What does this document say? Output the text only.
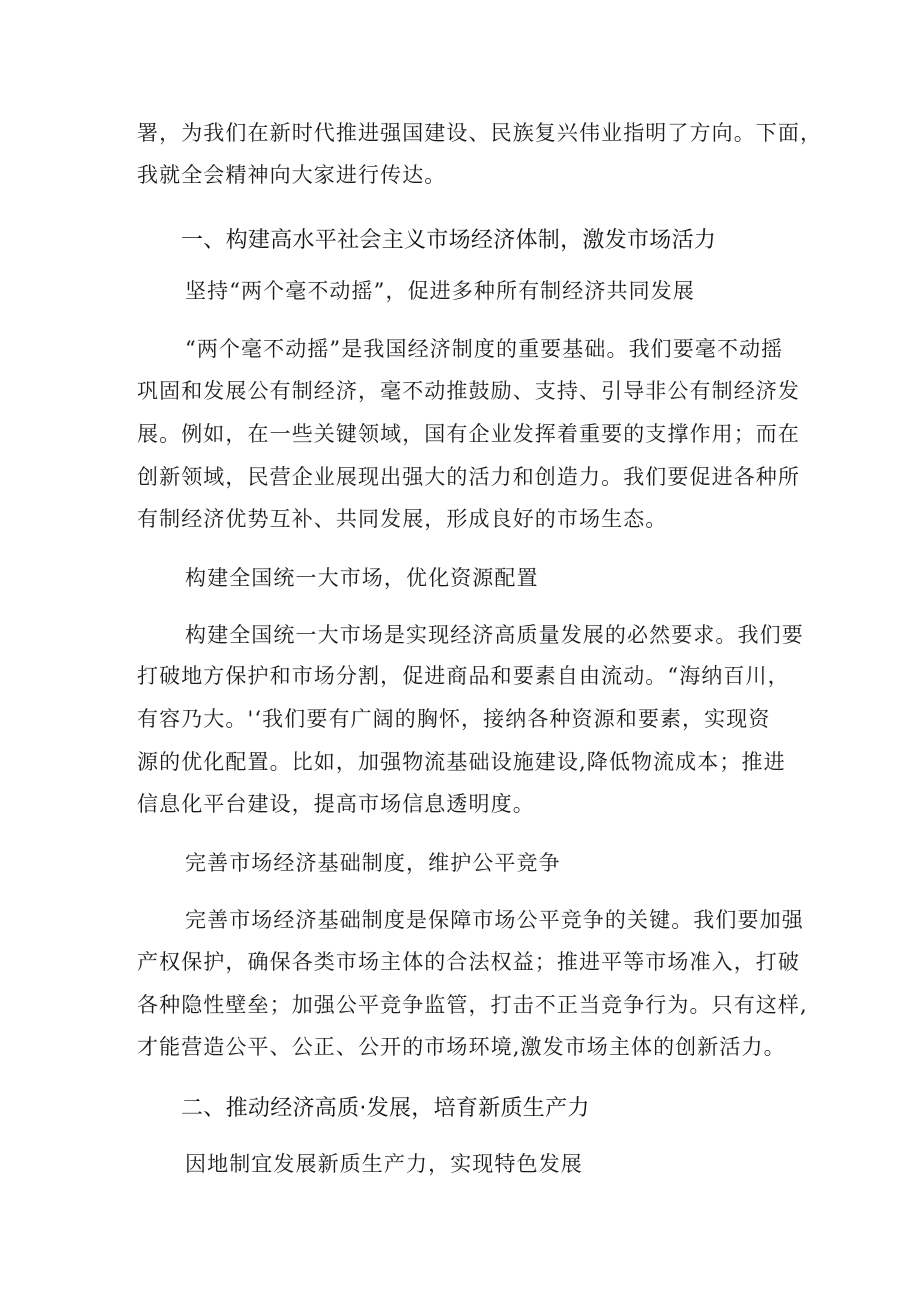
署，为我们在新时代推进强国建设、民族复兴伟业指明了方向。下面，
我就全会精神向大家进行传达。
一、构建高水平社会主义市场经济体制，激发市场活力
坚持“两个毫不动摇”，促进多种所有制经济共同发展
“两个毫不动摇”是我国经济制度的重要基础。我们要毫不动摇
巩固和发展公有制经济，毫不动推鼓励、支持、引导非公有制经济发
展。例如，在一些关键领域，国有企业发挥着重要的支撑作用；而在
创新领域，民营企业展现出强大的活力和创造力。我们要促进各种所
有制经济优势互补、共同发展，形成良好的市场生态。
构建全国统一大市场，优化资源配置
构建全国统一大市场是实现经济高质量发展的必然要求。我们要
打破地方保护和市场分割，促进商品和要素自由流动。“海纳百川，
有容乃大。'‘我们要有广阔的胸怀，接纳各种资源和要素，实现资
源的优化配置。比如，加强物流基础设施建设,降低物流成本；推进
信息化平台建设，提高市场信息透明度。
完善市场经济基础制度，维护公平竞争
完善市场经济基础制度是保障市场公平竞争的关键。我们要加强
产权保护，确保各类市场主体的合法权益；推进平等市场准入，打破
各种隐性壁垒；加强公平竞争监管，打击不正当竞争行为。只有这样,
才能营造公平、公正、公开的市场环境,激发市场主体的创新活力。
二、推动经济高质·发展，培育新质生产力
因地制宜发展新质生产力，实现特色发展
